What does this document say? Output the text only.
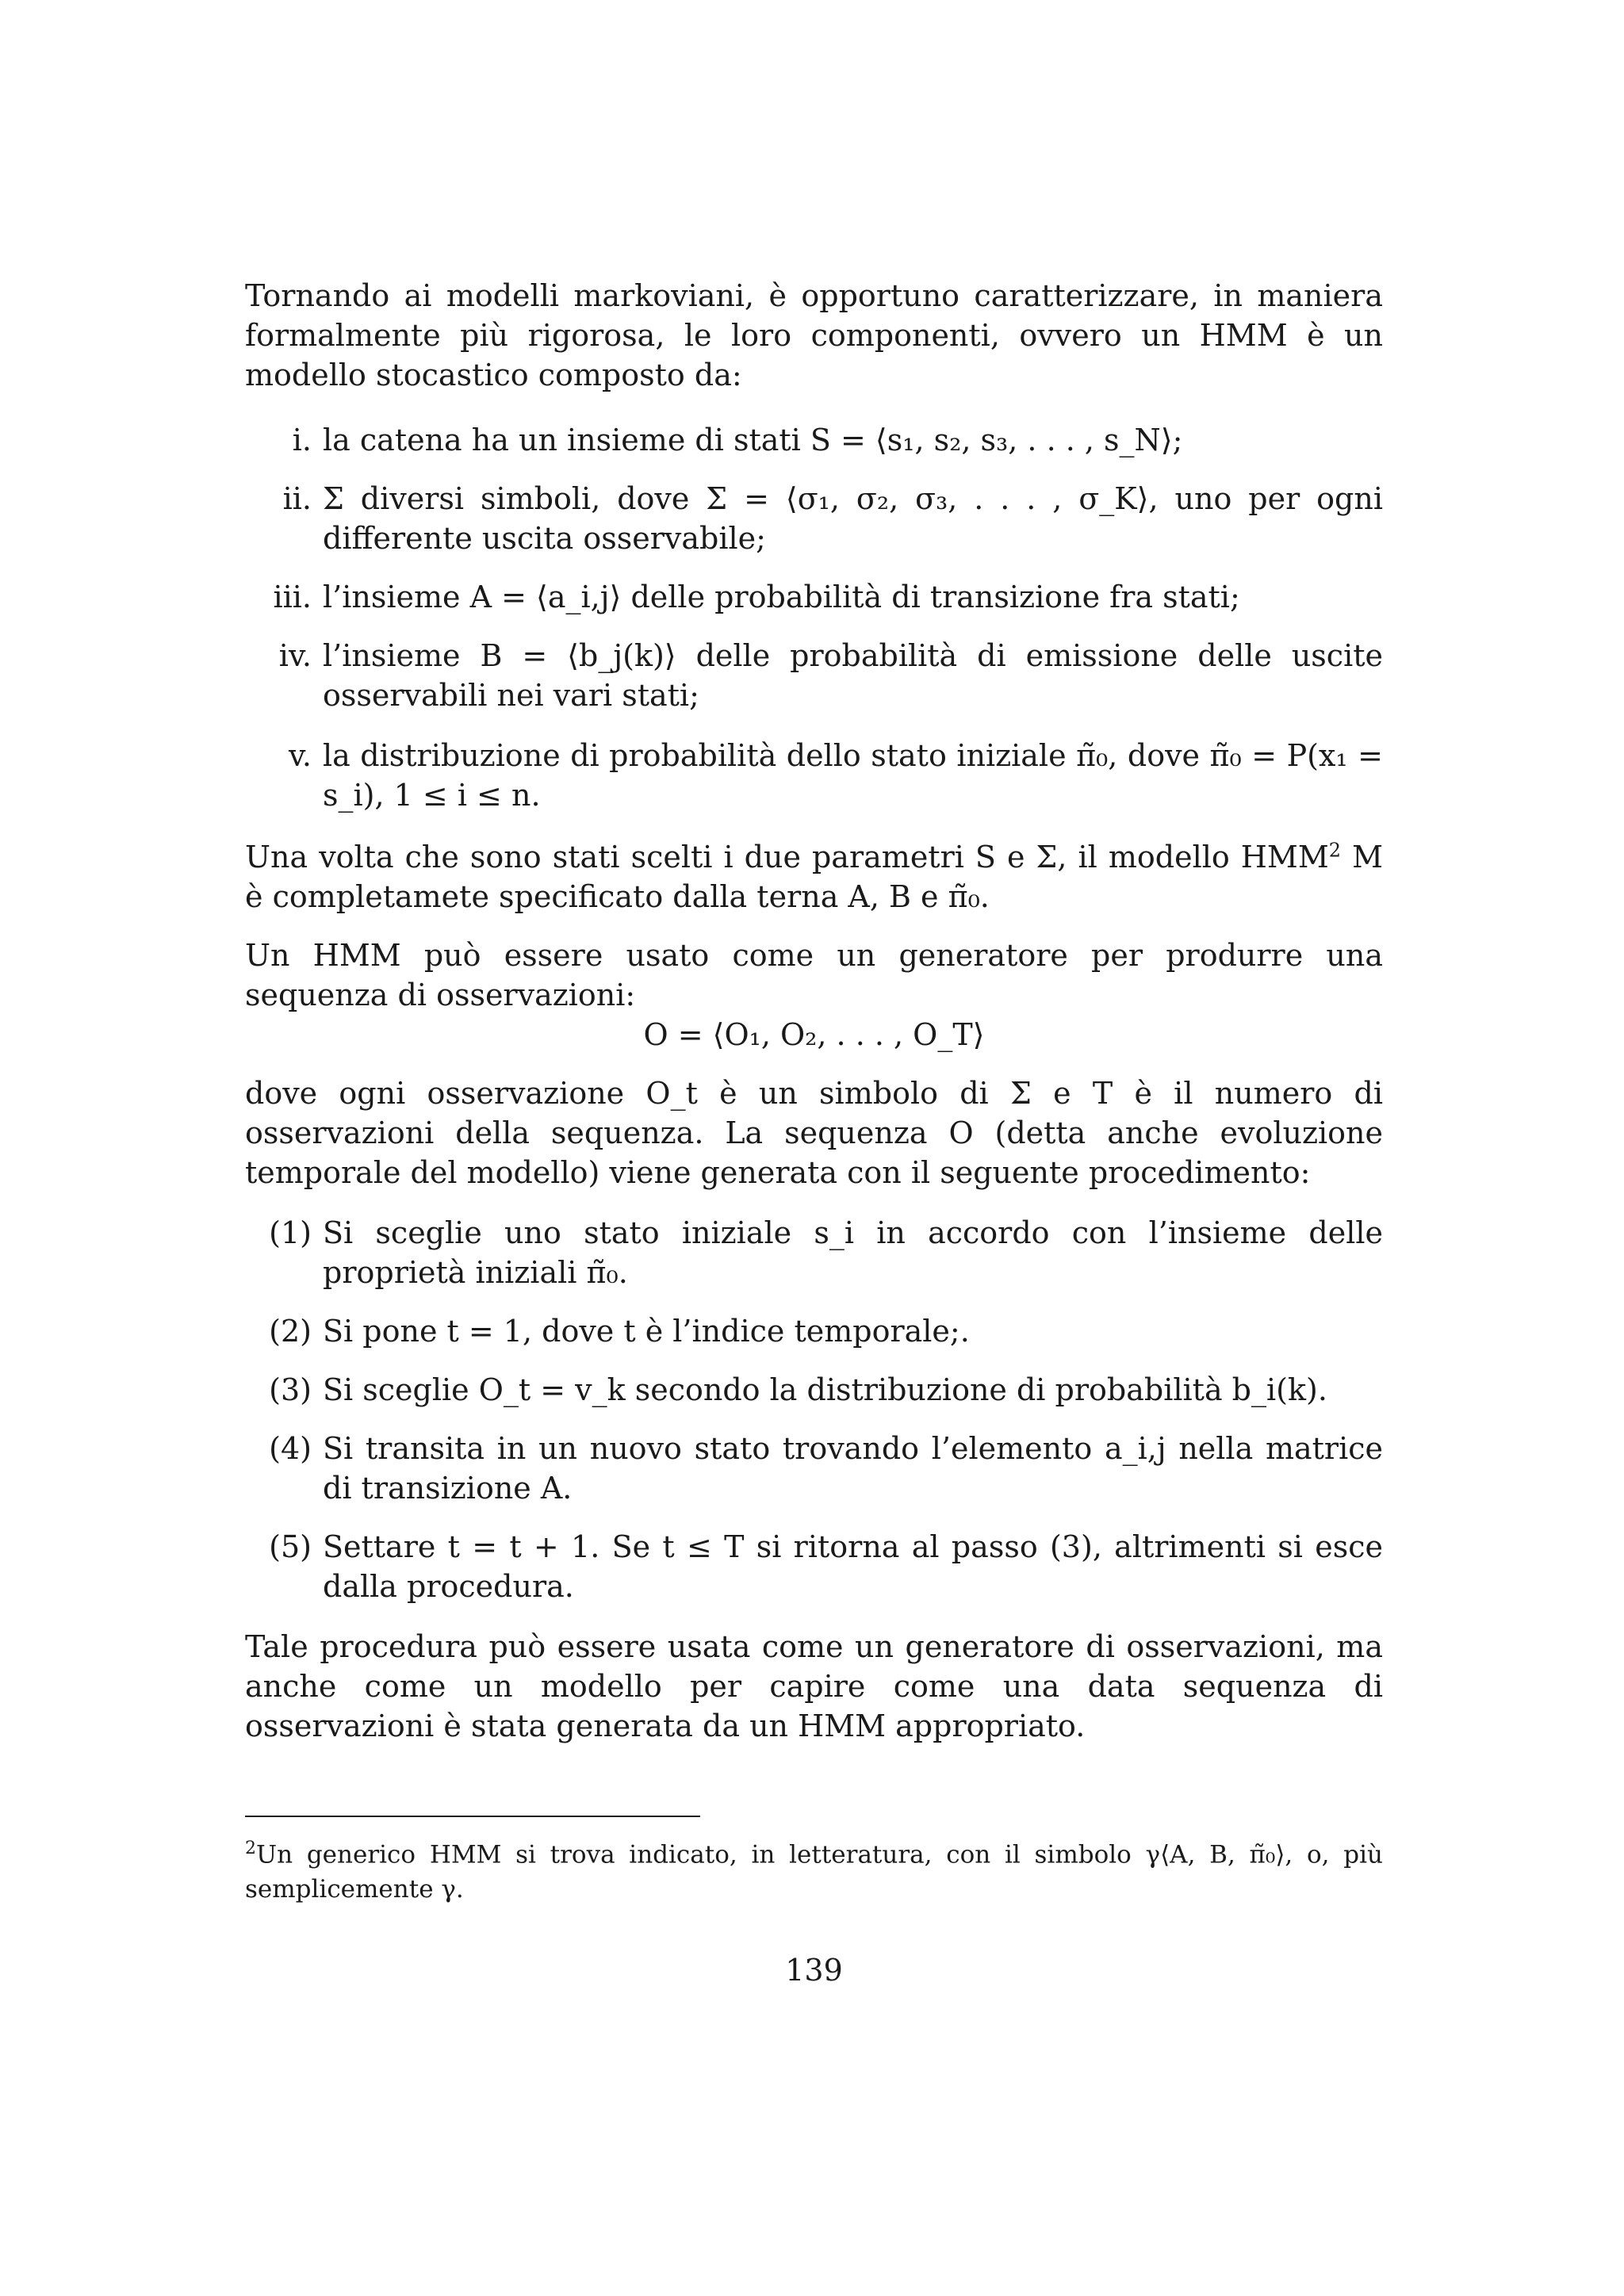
Tornando ai modelli markoviani, è opportuno caratterizzare, in maniera formalmente più rigorosa, le loro componenti, ovvero un HMM è un modello stocastico composto da:

i. la catena ha un insieme di stati S = ⟨s₁, s₂, s₃, . . . , s_N⟩;
ii. Σ diversi simboli, dove Σ = ⟨σ₁, σ₂, σ₃, . . . , σ_K⟩, uno per ogni differente uscita osservabile;
iii. l’insieme A = ⟨a_i,j⟩ delle probabilità di transizione fra stati;
iv. l’insieme B = ⟨b_j(k)⟩ delle probabilità di emissione delle uscite osservabili nei vari stati;
v. la distribuzione di probabilità dello stato iniziale π̃₀, dove π̃₀ = P(x₁ = s_i), 1 ≤ i ≤ n.

Una volta che sono stati scelti i due parametri S e Σ, il modello HMM$^2$ M è completamete specificato dalla terna A, B e π̃₀.

Un HMM può essere usato come un generatore per produrre una sequenza di osservazioni:

O = ⟨O₁, O₂, . . . , O_T⟩

dove ogni osservazione O_t è un simbolo di Σ e T è il numero di osservazioni della sequenza. La sequenza O (detta anche evoluzione temporale del modello) viene generata con il seguente procedimento:

(1) Si sceglie uno stato iniziale s_i in accordo con l’insieme delle proprietà iniziali π̃₀.
(2) Si pone t = 1, dove t è l’indice temporale;.
(3) Si sceglie O_t = v_k secondo la distribuzione di probabilità b_i(k).
(4) Si transita in un nuovo stato trovando l’elemento a_i,j nella matrice di transizione A.
(5) Settare t = t + 1. Se t ≤ T si ritorna al passo (3), altrimenti si esce dalla procedura.

Tale procedura può essere usata come un generatore di osservazioni, ma anche come un modello per capire come una data sequenza di osservazioni è stata generata da un HMM appropriato.

$^2$Un generico HMM si trova indicato, in letteratura, con il simbolo γ⟨A, B, π̃₀⟩, o, più semplicemente γ.
139
